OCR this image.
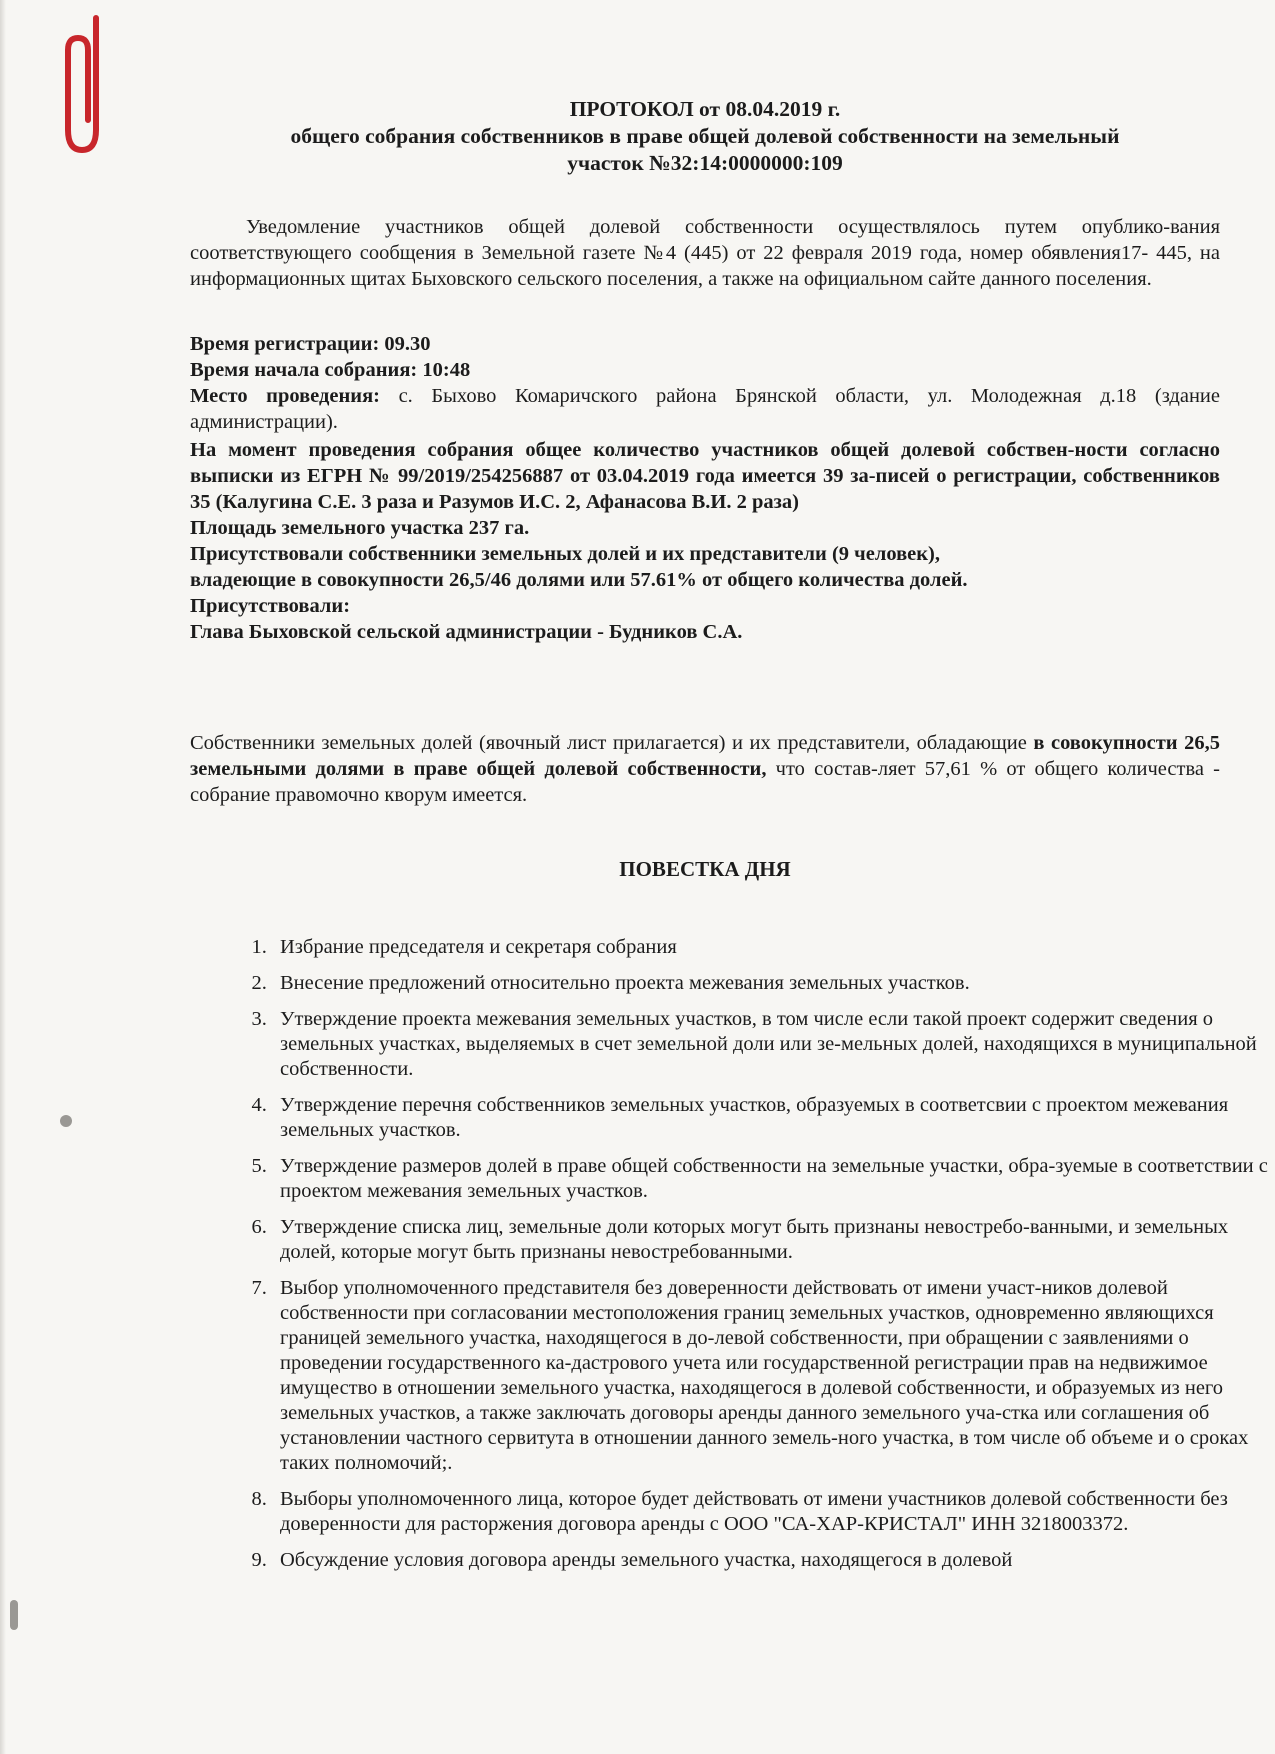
ПРОТОКОЛ от 08.04.2019 г.
общего собрания собственников в праве общей долевой собственности на земельный
участок №32:14:0000000:109
Уведомление участников общей долевой собственности осуществлялось путем опублико-вания соответствующего сообщения в Земельной газете №4 (445) от 22 февраля 2019 года, номер обявления17- 445, на информационных щитах Быховского сельского поселения, а также на официальном сайте данного поселения.
Время регистрации: 09.30
Время начала собрания: 10:48
Место проведения: с. Быхово Комаричского района Брянской области, ул. Молодежная д.18 (здание администрации).
На момент проведения собрания общее количество участников общей долевой собствен-ности согласно выписки из ЕГРН № 99/2019/254256887 от 03.04.2019 года имеется 39 за-писей о регистрации, собственников 35 (Калугина С.Е. 3 раза и Разумов И.С. 2, Афанасова В.И. 2 раза)
Площадь земельного участка 237 га.
Присутствовали собственники земельных долей и их представители (9 человек),
владеющие в совокупности 26,5/46 долями или 57.61% от общего количества долей.
Присутствовали:
Глава Быховской сельской администрации - Будников С.А.
Собственники земельных долей (явочный лист прилагается) и их представители, обладающие в совокупности 26,5 земельными долями в праве общей долевой собственности, что состав-ляет 57,61 % от общего количества - собрание правомочно кворум имеется.
ПОВЕСТКА ДНЯ
1. Избрание председателя и секретаря собрания
2. Внесение предложений относительно проекта межевания земельных участков.
3. Утверждение проекта межевания земельных участков, в том числе если такой проект содержит сведения о земельных участках, выделяемых в счет земельной доли или зе-мельных долей, находящихся в муниципальной собственности.
4. Утверждение перечня собственников земельных участков, образуемых в соответсвии с проектом межевания земельных участков.
5. Утверждение размеров долей в праве общей собственности на земельные участки, обра-зуемые в соответствии с проектом межевания земельных участков.
6. Утверждение списка лиц, земельные доли которых могут быть признаны невостребо-ванными, и земельных долей, которые могут быть признаны невостребованными.
7. Выбор уполномоченного представителя без доверенности действовать от имени участ-ников долевой собственности при согласовании местоположения границ земельных участков, одновременно являющихся границей земельного участка, находящегося в до-левой собственности, при обращении с заявлениями о проведении государственного ка-дастрового учета или государственной регистрации прав на недвижимое имущество в отношении земельного участка, находящегося в долевой собственности, и образуемых из него земельных участков, а также заключать договоры аренды данного земельного уча-стка или соглашения об установлении частного сервитута в отношении данного земель-ного участка, в том числе об объеме и о сроках таких полномочий;.
8. Выборы уполномоченного лица, которое будет действовать от имени участников долевой собственности без доверенности для расторжения договора аренды с ООО "СА-ХАР-КРИСТАЛ" ИНН 3218003372.
9. Обсуждение условия договора аренды земельного участка, находящегося в долевой
